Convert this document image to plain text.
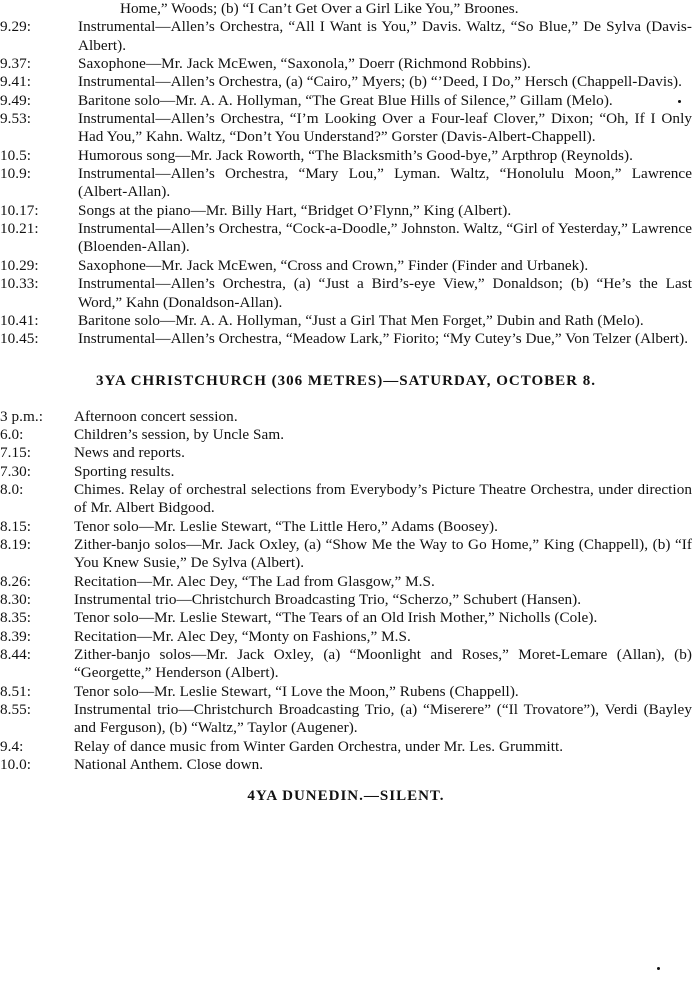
Home,” Woods; (b) “I Can’t Get Over a Girl Like You,” Broones.
9.29:	Instrumental—Allen’s Orchestra, “All I Want is You,” Davis. Waltz, “So Blue,” De Sylva (Davis-Albert).
9.37:	Saxophone—Mr. Jack McEwen, “Saxonola,” Doerr (Richmond Robbins).
9.41:	Instrumental—Allen’s Orchestra, (a) “Cairo,” Myers; (b) “’Deed, I Do,” Hersch (Chappell-Davis).
9.49:	Baritone solo—Mr. A. A. Hollyman, “The Great Blue Hills of Silence,” Gillam (Melo).
9.53:	Instrumental—Allen’s Orchestra, “I’m Looking Over a Four-leaf Clover,” Dixon; “Oh, If I Only Had You,” Kahn. Waltz, “Don’t You Understand?” Gorster (Davis-Albert-Chappell).
10.5:	Humorous song—Mr. Jack Roworth, “The Blacksmith’s Good-bye,” Arpthrop (Reynolds).
10.9:	Instrumental—Allen’s Orchestra, “Mary Lou,” Lyman. Waltz, “Honolulu Moon,” Lawrence (Albert-Allan).
10.17:	Songs at the piano—Mr. Billy Hart, “Bridget O’Flynn,” King (Albert).
10.21:	Instrumental—Allen’s Orchestra, “Cock-a-Doodle,” Johnston. Waltz, “Girl of Yesterday,” Lawrence (Bloenden-Allan).
10.29:	Saxophone—Mr. Jack McEwen, “Cross and Crown,” Finder (Finder and Urbanek).
10.33:	Instrumental—Allen’s Orchestra, (a) “Just a Bird’s-eye View,” Donaldson; (b) “He’s the Last Word,” Kahn (Donaldson-Allan).
10.41:	Baritone solo—Mr. A. A. Hollyman, “Just a Girl That Men Forget,” Dubin and Rath (Melo).
10.45:	Instrumental—Allen’s Orchestra, “Meadow Lark,” Fiorito; “My Cutey’s Due,” Von Telzer (Albert).
3YA CHRISTCHURCH (306 METRES)—SATURDAY, OCTOBER 8.
3 p.m.:	Afternoon concert session.
6.0:	Children’s session, by Uncle Sam.
7.15:	News and reports.
7.30:	Sporting results.
8.0:	Chimes. Relay of orchestral selections from Everybody’s Picture Theatre Orchestra, under direction of Mr. Albert Bidgood.
8.15:	Tenor solo—Mr. Leslie Stewart, “The Little Hero,” Adams (Boosey).
8.19:	Zither-banjo solos—Mr. Jack Oxley, (a) “Show Me the Way to Go Home,” King (Chappell), (b) “If You Knew Susie,” De Sylva (Albert).
8.26:	Recitation—Mr. Alec Dey, “The Lad from Glasgow,” M.S.
8.30:	Instrumental trio—Christchurch Broadcasting Trio, “Scherzo,” Schubert (Hansen).
8.35:	Tenor solo—Mr. Leslie Stewart, “The Tears of an Old Irish Mother,” Nicholls (Cole).
8.39:	Recitation—Mr. Alec Dey, “Monty on Fashions,” M.S.
8.44:	Zither-banjo solos—Mr. Jack Oxley, (a) “Moonlight and Roses,” Moret-Lemare (Allan), (b) “Georgette,” Henderson (Albert).
8.51:	Tenor solo—Mr. Leslie Stewart, “I Love the Moon,” Rubens (Chappell).
8.55:	Instrumental trio—Christchurch Broadcasting Trio, (a) “Miserere” (“Il Trovatore”), Verdi (Bayley and Ferguson), (b) “Waltz,” Taylor (Augener).
9.4:	Relay of dance music from Winter Garden Orchestra, under Mr. Les. Grummitt.
10.0:	National Anthem. Close down.
4YA DUNEDIN.—SILENT.
